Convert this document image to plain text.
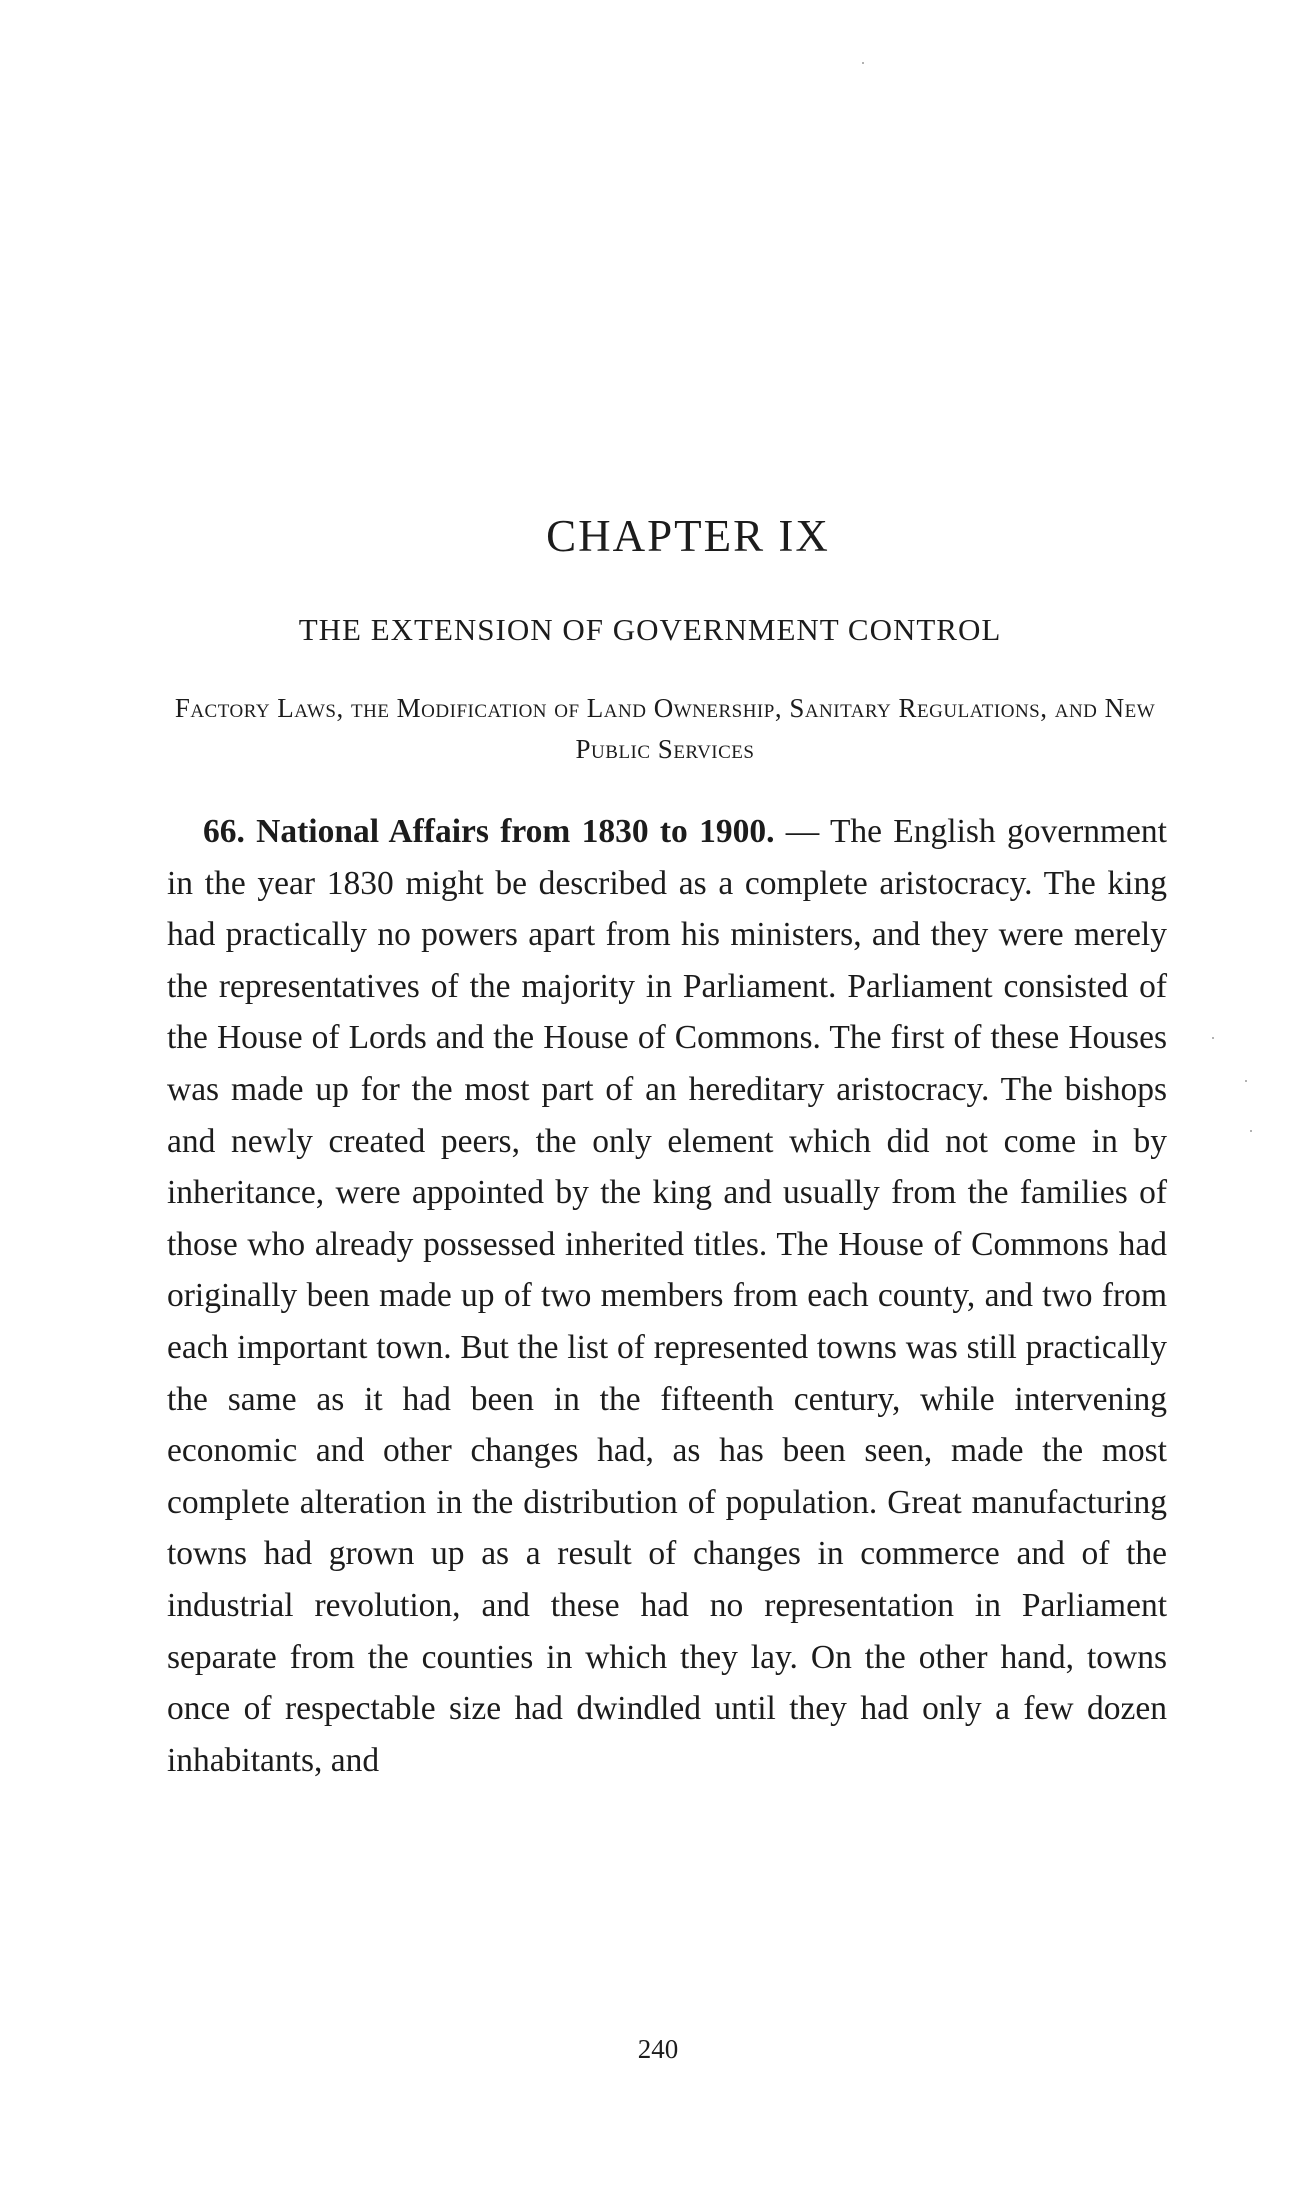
CHAPTER IX
THE EXTENSION OF GOVERNMENT CONTROL

Factory Laws, the Modification of Land Ownership, Sanitary Regulations, and New Public Services

66. National Affairs from 1830 to 1900. — The English government in the year 1830 might be described as a complete aristocracy. The king had practically no powers apart from his ministers, and they were merely the representatives of the majority in Parliament. Parliament consisted of the House of Lords and the House of Commons. The first of these Houses was made up for the most part of an hereditary aristocracy. The bishops and newly created peers, the only element which did not come in by inheritance, were appointed by the king and usually from the families of those who already possessed inherited titles. The House of Commons had originally been made up of two members from each county, and two from each important town. But the list of represented towns was still practically the same as it had been in the fifteenth century, while intervening economic and other changes had, as has been seen, made the most complete alteration in the distribution of population. Great manufacturing towns had grown up as a result of changes in commerce and of the industrial revolution, and these had no representation in Parliament separate from the counties in which they lay. On the other hand, towns once of respectable size had dwindled until they had only a few dozen inhabitants, and

240
